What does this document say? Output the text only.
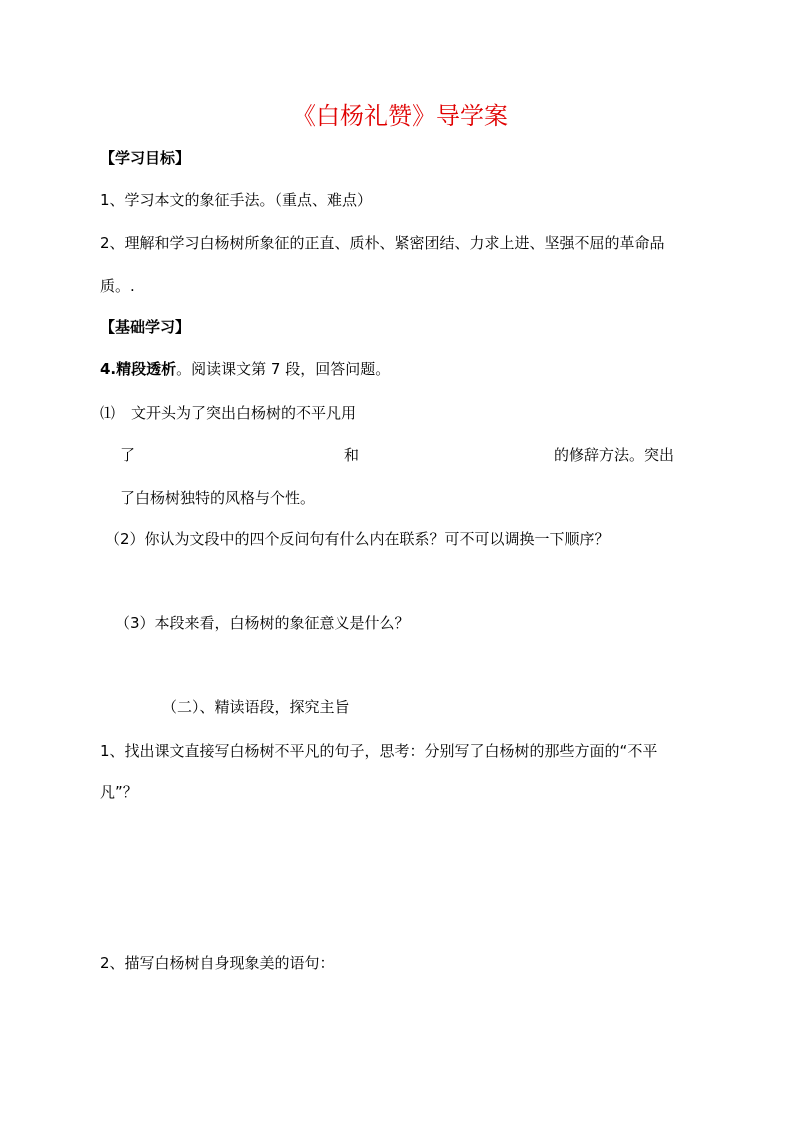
《白杨礼赞》导学案
【学习目标】
1、学习本文的象征手法。（重点、难点）
2、理解和学习白杨树所象征的正直、质朴、紧密团结、力求上进、坚强不屈的革命品
质。.
【基础学习】
4.精段透析。阅读课文第 7 段，回答问题。
⑴ 文开头为了突出白杨树的不平凡用
了	和	的修辞方法。突出
了白杨树独特的风格与个性。
（2）你认为文段中的四个反问句有什么内在联系？可不可以调换一下顺序？
（3）本段来看，白杨树的象征意义是什么？
（二）、精读语段，探究主旨
1、找出课文直接写白杨树不平凡的句子，思考：分别写了白杨树的那些方面的“不平
凡”？
2、描写白杨树自身现象美的语句：
